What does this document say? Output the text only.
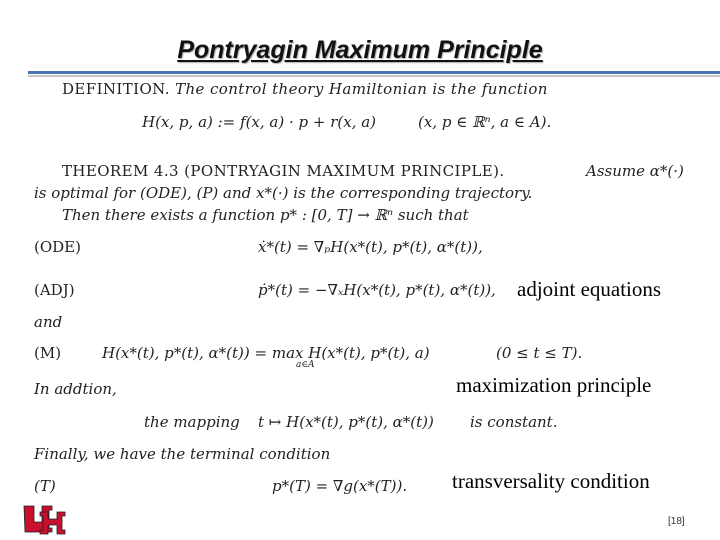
Pontryagin Maximum Principle
DEFINITION. The control theory Hamiltonian is the function
H(x, p, a) := f(x, a) · p + r(x, a)	(x, p ∈ ℝⁿ, a ∈ A).
THEOREM 4.3 (PONTRYAGIN MAXIMUM PRINCIPLE).	Assume α*(·)
is optimal for (ODE), (P) and x*(·) is the corresponding trajectory.
Then there exists a function p* : [0, T] → ℝⁿ such that
(ODE)	ẋ*(t) = ∇ₚH(x*(t), p*(t), α*(t)),
(ADJ)	ṗ*(t) = −∇ₓH(x*(t), p*(t), α*(t)), adjoint equations
and
(M)	H(x*(t), p*(t), α*(t)) = max H(x*(t), p*(t), a)
a∈A
(0 ≤ t ≤ T).
In addtion,	maximization principle
the mapping t ↦ H(x*(t), p*(t), α*(t)) is constant.
Finally, we have the terminal condition
(T)	p*(T) = ∇g(x*(T)). transversality condition
[18]
